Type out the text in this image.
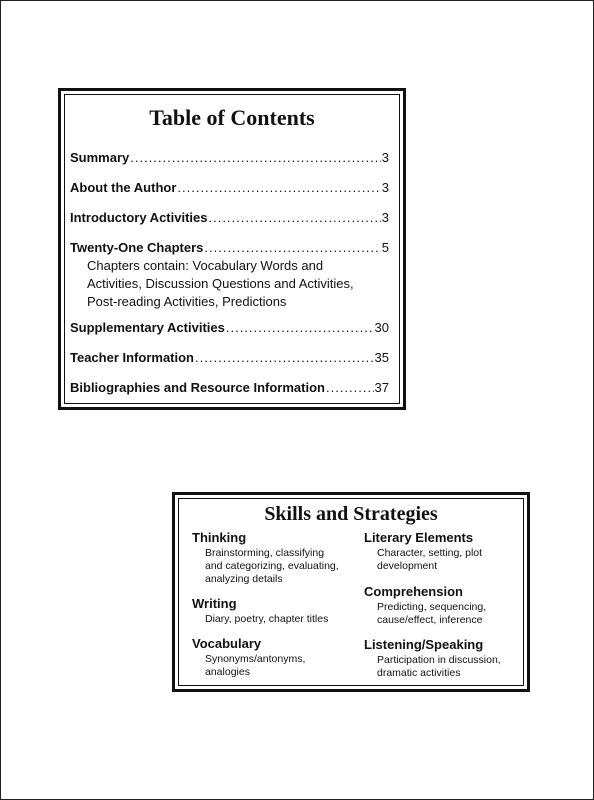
Table of Contents
Summary .....	3
About the Author .....	3
Introductory Activities .....	3
Twenty-One Chapters .....	5
Chapters contain: Vocabulary Words and
Activities, Discussion Questions and Activities,
Post-reading Activities, Predictions
Supplementary Activities .....	30
Teacher Information .....	35
Bibliographies and Resource Information .....	37
Skills and Strategies
Thinking
Brainstorming, classifying
and categorizing, evaluating,
analyzing details
Writing
Diary, poetry, chapter titles
Vocabulary
Synonyms/antonyms,
analogies
Literary Elements
Character, setting, plot
development
Comprehension
Predicting, sequencing,
cause/effect, inference
Listening/Speaking
Participation in discussion,
dramatic activities
